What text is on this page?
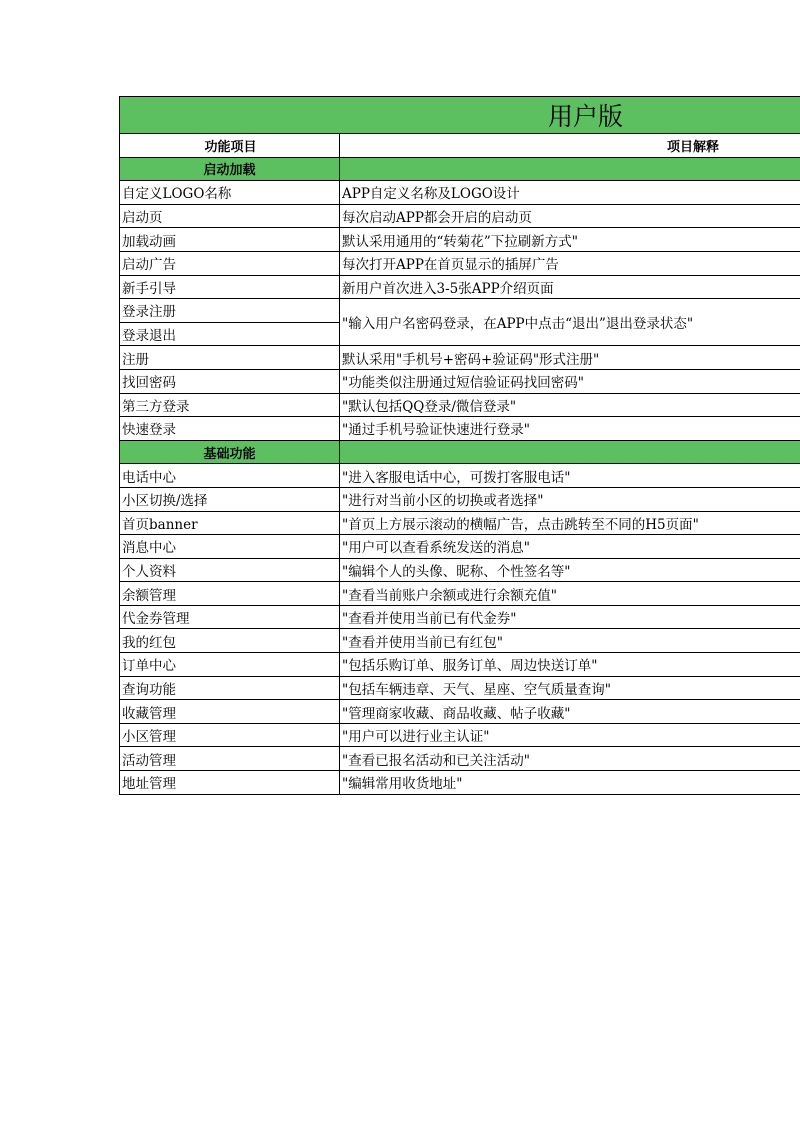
用户版	
功能项目	项目解释
启动加载	
自定义LOGO名称	APP自定义名称及LOGO设计
启动页	每次启动APP都会开启的启动页
加载动画	默认采用通用的“转菊花”下拉刷新方式"
启动广告	每次打开APP在首页显示的插屏广告
新手引导	新用户首次进入3-5张APP介绍页面
登录注册	"输入用户名密码登录，在APP中点击“退出”退出登录状态"
登录退出	
注册	默认采用"手机号+密码+验证码"形式注册"
找回密码	"功能类似注册通过短信验证码找回密码"
第三方登录	"默认包括QQ登录/微信登录"
快速登录	"通过手机号验证快速进行登录"
基础功能	
电话中心	"进入客服电话中心，可拨打客服电话"
小区切换/选择	"进行对当前小区的切换或者选择"
首页banner	"首页上方展示滚动的横幅广告，点击跳转至不同的H5页面"
消息中心	"用户可以查看系统发送的消息"
个人资料	"编辑个人的头像、昵称、个性签名等"
余额管理	"查看当前账户余额或进行余额充值"
代金券管理	"查看并使用当前已有代金券"
我的红包	"查看并使用当前已有红包"
订单中心	"包括乐购订单、服务订单、周边快送订单"
查询功能	"包括车辆违章、天气、星座、空气质量查询"
收藏管理	"管理商家收藏、商品收藏、帖子收藏"
小区管理	"用户可以进行业主认证"
活动管理	"查看已报名活动和已关注活动"
地址管理	"编辑常用收货地址"
